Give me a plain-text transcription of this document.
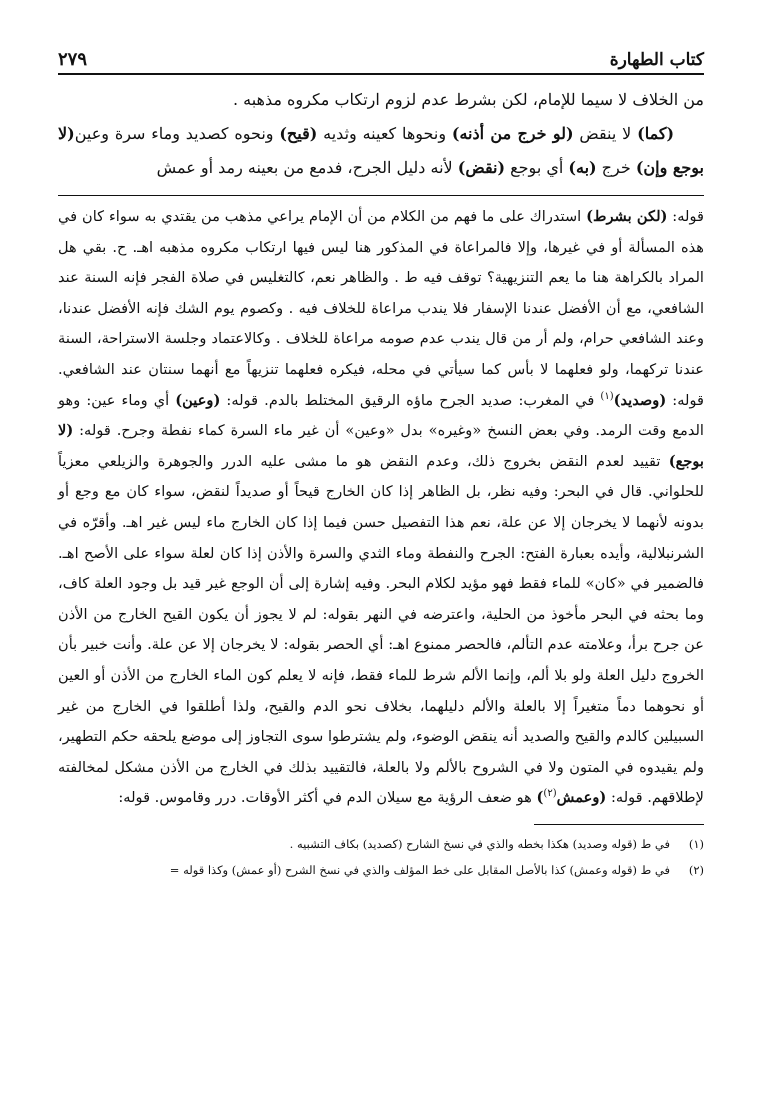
كتاب الطهارة
٢٧٩

من الخلاف لا سيما للإمام، لكن بشرط عدم لزوم ارتكاب مكروه مذهبه .

(كما) لا ينقض (لو خرج من أذنه) ونحوها كعينه وثديه (قيح) ونحوه كصديد وماء سرة وعين(لا بوجع وإن) خرج (به) أي بوجع (نقض) لأنه دليل الجرح، فدمع من بعينه رمد أو عمش

قوله: (لكن بشرط) استدراك على ما فهم من الكلام من أن الإمام يراعي مذهب من يقتدي به سواء كان في هذه المسألة أو في غيرها، وإلا فالمراعاة في المذكور هنا ليس فيها ارتكاب مكروه مذهبه اهـ. ح. بقي هل المراد بالكراهة هنا ما يعم التنزيهية؟ توقف فيه ط . والظاهر نعم، كالتغليس في صلاة الفجر فإنه السنة عند الشافعي، مع أن الأفضل عندنا الإسفار فلا يندب مراعاة للخلاف فيه . وكصوم يوم الشك فإنه الأفضل عندنا، وعند الشافعي حرام، ولم أر من قال يندب عدم صومه مراعاة للخلاف . وكالاعتماد وجلسة الاستراحة، السنة عندنا تركهما، ولو فعلهما لا بأس كما سيأتي في محله، فيكره فعلهما تنزيهاً مع أنهما سنتان عند الشافعي. قوله: (وصديد)$^{(١)}$ في المغرب: صديد الجرح ماؤه الرقيق المختلط بالدم. قوله: (وعين) أي وماء عين: وهو الدمع وقت الرمد. وفي بعض النسخ «وغيره» بدل «وعين» أن غير ماء السرة كماء نفطة وجرح. قوله: (لا بوجع) تقييد لعدم النقض بخروج ذلك، وعدم النقض هو ما مشى عليه الدرر والجوهرة والزيلعي معزياً للحلواني. قال في البحر: وفيه نظر، بل الظاهر إذا كان الخارج قيحاً أو صديداً لنقض، سواء كان مع وجع أو بدونه لأنهما لا يخرجان إلا عن علة، نعم هذا التفصيل حسن فيما إذا كان الخارج ماء ليس غير اهـ. وأقرّه في الشرنبلالية، وأيده بعبارة الفتح: الجرح والنفطة وماء الثدي والسرة والأذن إذا كان لعلة سواء على الأصح اهـ. فالضمير في «كان» للماء فقط فهو مؤيد لكلام البحر. وفيه إشارة إلى أن الوجع غير قيد بل وجود العلة كاف، وما بحثه في البحر مأخوذ من الحلية، واعترضه في النهر بقوله: لم لا يجوز أن يكون القيح الخارج من الأذن عن جرح برأ، وعلامته عدم التألم، فالحصر ممنوع اهـ: أي الحصر بقوله: لا يخرجان إلا عن علة. وأنت خبير بأن الخروج دليل العلة ولو بلا ألم، وإنما الألم شرط للماء فقط، فإنه لا يعلم كون الماء الخارج من الأذن أو العين أو نحوهما دماً متغيراً إلا بالعلة والألم دليلهما، بخلاف نحو الدم والقيح، ولذا أطلقوا في الخارج من غير السبيلين كالدم والقيح والصديد أنه ينقض الوضوء، ولم يشترطوا سوى التجاوز إلى موضع يلحقه حكم التطهير، ولم يقيدوه في المتون ولا في الشروح بالألم ولا بالعلة، فالتقييد بذلك في الخارج من الأذن مشكل لمخالفته لإطلاقهم. قوله: (وعمش$^{(٢)}$) هو ضعف الرؤية مع سيلان الدم في أكثر الأوقات. درر وقاموس. قوله:

(١)في ط (قوله وصديد) هكذا بخطه والذي في نسخ الشارح (كصديد) بكاف التشبيه .
(٢)في ط (قوله وعمش) كذا بالأصل المقابل على خط المؤلف والذي في نسخ الشرح (أو عمش) وكذا قوله =
